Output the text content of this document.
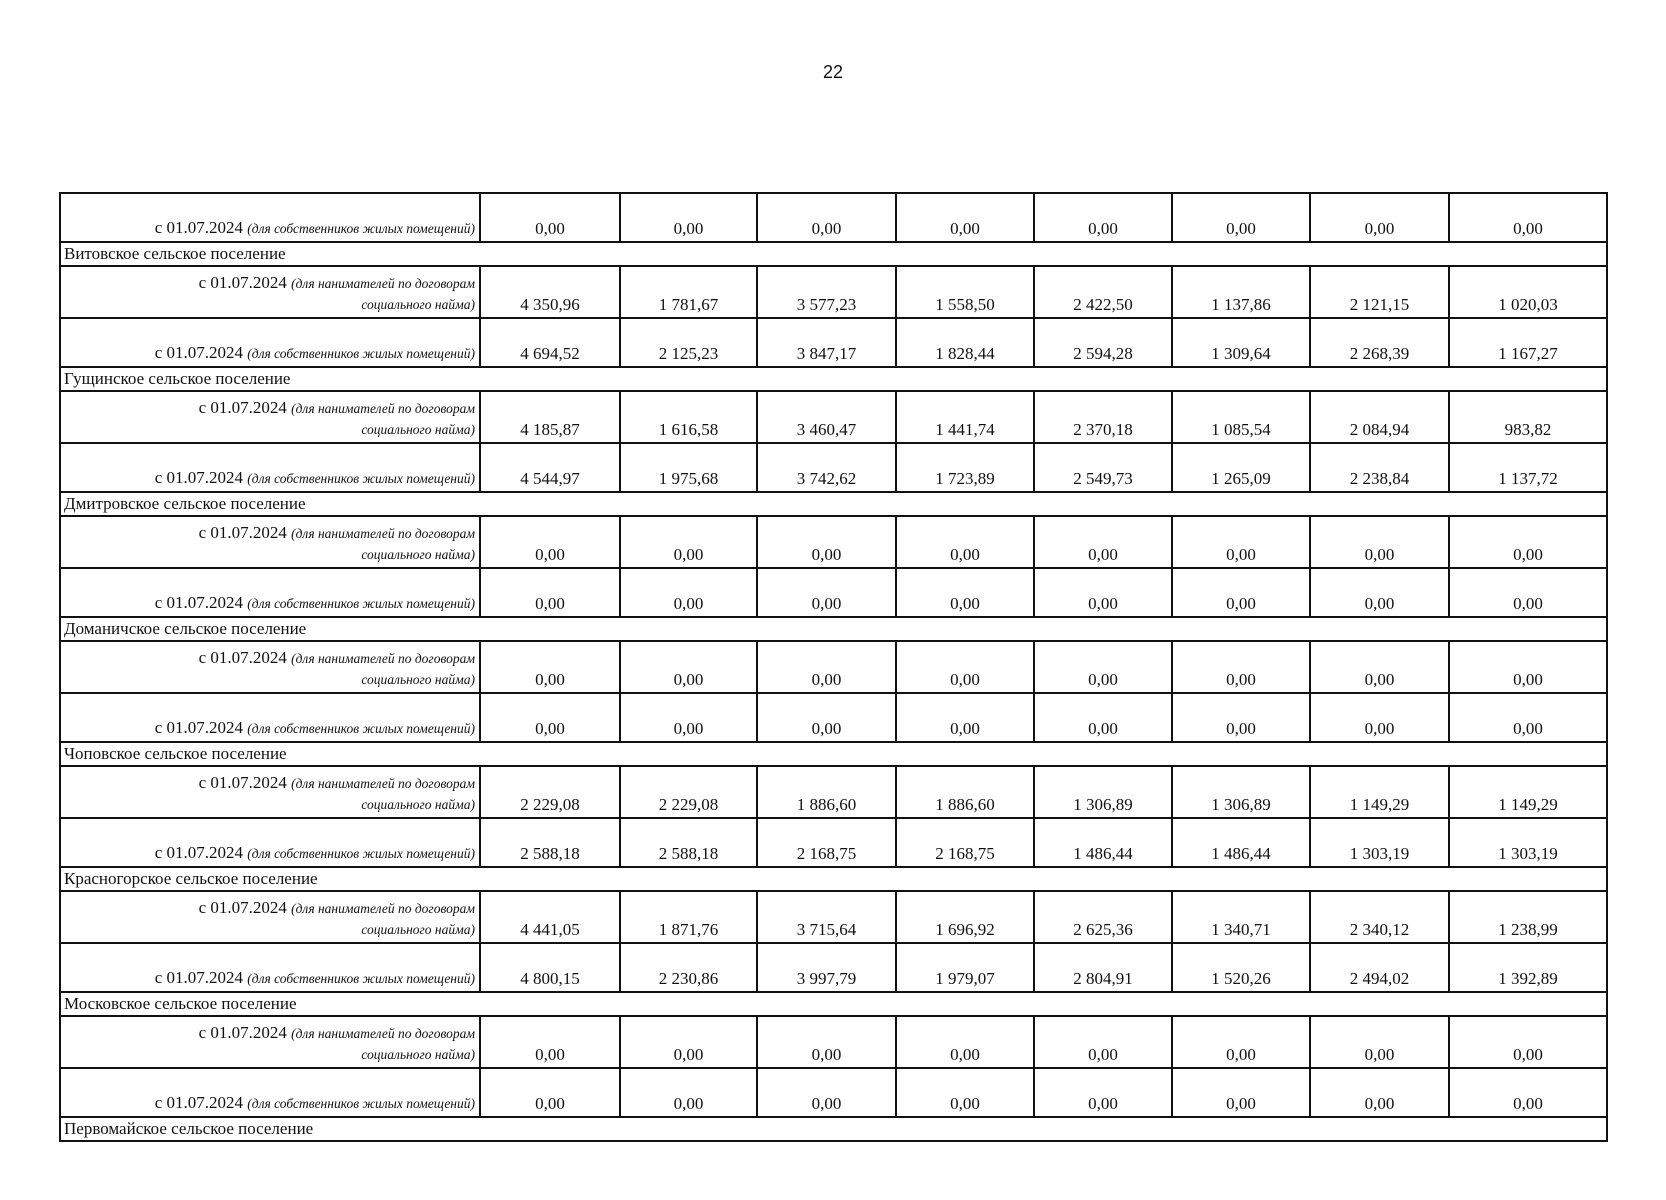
22
с 01.07.2024 (для собственников жилых помещений)	0,00	0,00	0,00	0,00	0,00	0,00	0,00	0,00
Витовское сельское поселение								

с 01.07.2024 (для нанимателей по договорам
социального найма)	4 350,96	1 781,67	3 577,23	1 558,50	2 422,50	1 137,86	2 121,15	1 020,03
с 01.07.2024 (для собственников жилых помещений)	4 694,52	2 125,23	3 847,17	1 828,44	2 594,28	1 309,64	2 268,39	1 167,27
Гущинское сельское поселение								

с 01.07.2024 (для нанимателей по договорам
социального найма)	4 185,87	1 616,58	3 460,47	1 441,74	2 370,18	1 085,54	2 084,94	983,82
с 01.07.2024 (для собственников жилых помещений)	4 544,97	1 975,68	3 742,62	1 723,89	2 549,73	1 265,09	2 238,84	1 137,72
Дмитровское сельское поселение								

с 01.07.2024 (для нанимателей по договорам
социального найма)	0,00	0,00	0,00	0,00	0,00	0,00	0,00	0,00
с 01.07.2024 (для собственников жилых помещений)	0,00	0,00	0,00	0,00	0,00	0,00	0,00	0,00
Доманичское сельское поселение								

с 01.07.2024 (для нанимателей по договорам
социального найма)	0,00	0,00	0,00	0,00	0,00	0,00	0,00	0,00
с 01.07.2024 (для собственников жилых помещений)	0,00	0,00	0,00	0,00	0,00	0,00	0,00	0,00
Чоповское сельское поселение								

с 01.07.2024 (для нанимателей по договорам
социального найма)	2 229,08	2 229,08	1 886,60	1 886,60	1 306,89	1 306,89	1 149,29	1 149,29
с 01.07.2024 (для собственников жилых помещений)	2 588,18	2 588,18	2 168,75	2 168,75	1 486,44	1 486,44	1 303,19	1 303,19
Красногорское сельское поселение								

с 01.07.2024 (для нанимателей по договорам
социального найма)	4 441,05	1 871,76	3 715,64	1 696,92	2 625,36	1 340,71	2 340,12	1 238,99
с 01.07.2024 (для собственников жилых помещений)	4 800,15	2 230,86	3 997,79	1 979,07	2 804,91	1 520,26	2 494,02	1 392,89
Московское сельское поселение								

с 01.07.2024 (для нанимателей по договорам
социального найма)	0,00	0,00	0,00	0,00	0,00	0,00	0,00	0,00
с 01.07.2024 (для собственников жилых помещений)	0,00	0,00	0,00	0,00	0,00	0,00	0,00	0,00
Первомайское сельское поселение								
